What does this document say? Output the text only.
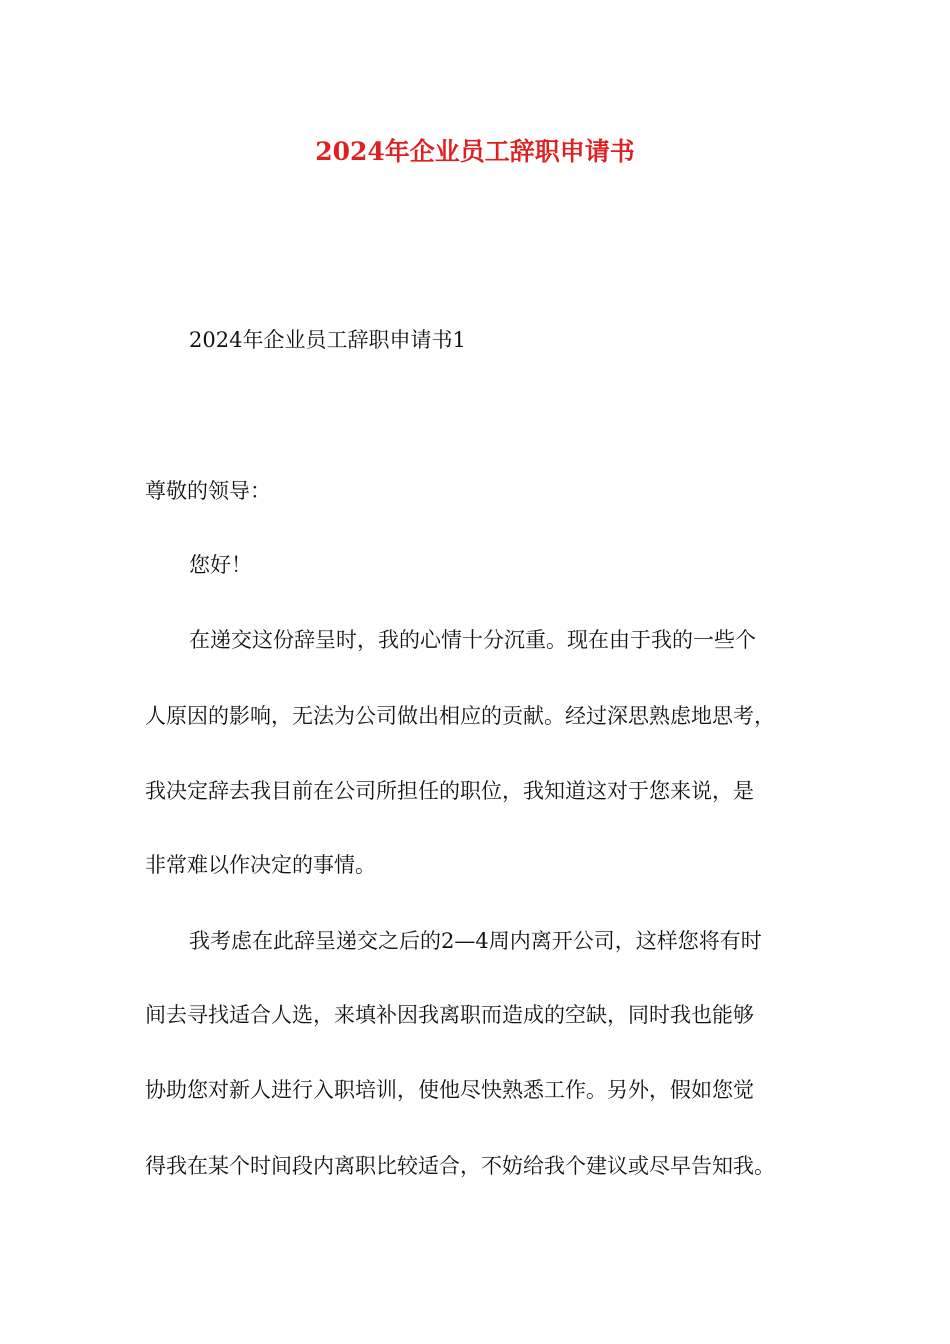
2024年企业员工辞职申请书
2024年企业员工辞职申请书1
尊敬的领导：
您好！
在递交这份辞呈时，我的心情十分沉重。现在由于我的一些个
人原因的影响，无法为公司做出相应的贡献。经过深思熟虑地思考，
我决定辞去我目前在公司所担任的职位，我知道这对于您来说，是
非常难以作决定的事情。
我考虑在此辞呈递交之后的2—4周内离开公司，这样您将有时
间去寻找适合人选，来填补因我离职而造成的空缺，同时我也能够
协助您对新人进行入职培训，使他尽快熟悉工作。另外，假如您觉
得我在某个时间段内离职比较适合，不妨给我个建议或尽早告知我。
